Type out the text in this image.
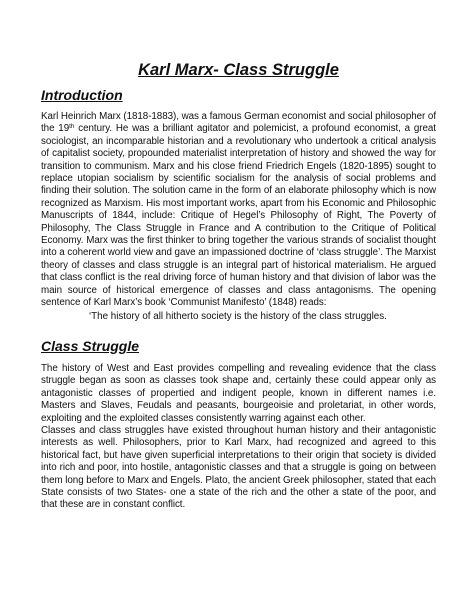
Karl Marx- Class Struggle
Introduction

Karl Heinrich Marx (1818-1883), was a famous German economist and social philosopher of the 19th century. He was a brilliant agitator and polemicist, a profound economist, a great sociologist, an incomparable historian and a revolutionary who undertook a critical analysis of capitalist society, propounded materialist interpretation of history and showed the way for transition to communism. Marx and his close friend Friedrich Engels (1820-1895) sought to replace utopian socialism by scientific socialism for the analysis of social problems and finding their solution. The solution came in the form of an elaborate philosophy which is now recognized as Marxism. His most important works, apart from his Economic and Philosophic Manuscripts of 1844, include: Critique of Hegel’s Philosophy of Right, The Poverty of Philosophy, The Class Struggle in France and A contribution to the Critique of Political Economy. Marx was the first thinker to bring together the various strands of socialist thought into a coherent world view and gave an impassioned doctrine of ‘class struggle’. The Marxist theory of classes and class struggle is an integral part of historical materialism. He argued that class conflict is the real driving force of human history and that division of labor was the main source of historical emergence of classes and class antagonisms. The opening sentence of Karl Marx’s book ‘Communist Manifesto’ (1848) reads:

‘The history of all hitherto society is the history of the class struggles.

Class Struggle

The history of West and East provides compelling and revealing evidence that the class struggle began as soon as classes took shape and, certainly these could appear only as antagonistic classes of propertied and indigent people, known in different names i.e. Masters and Slaves, Feudals and peasants, bourgeoisie and proletariat, in other words, exploiting and the exploited classes consistently warring against each other.

Classes and class struggles have existed throughout human history and their antagonistic interests as well. Philosophers, prior to Karl Marx, had recognized and agreed to this historical fact, but have given superficial interpretations to their origin that society is divided into rich and poor, into hostile, antagonistic classes and that a struggle is going on between them long before to Marx and Engels. Plato, the ancient Greek philosopher, stated that each State consists of two States- one a state of the rich and the other a state of the poor, and that these are in constant conflict.
